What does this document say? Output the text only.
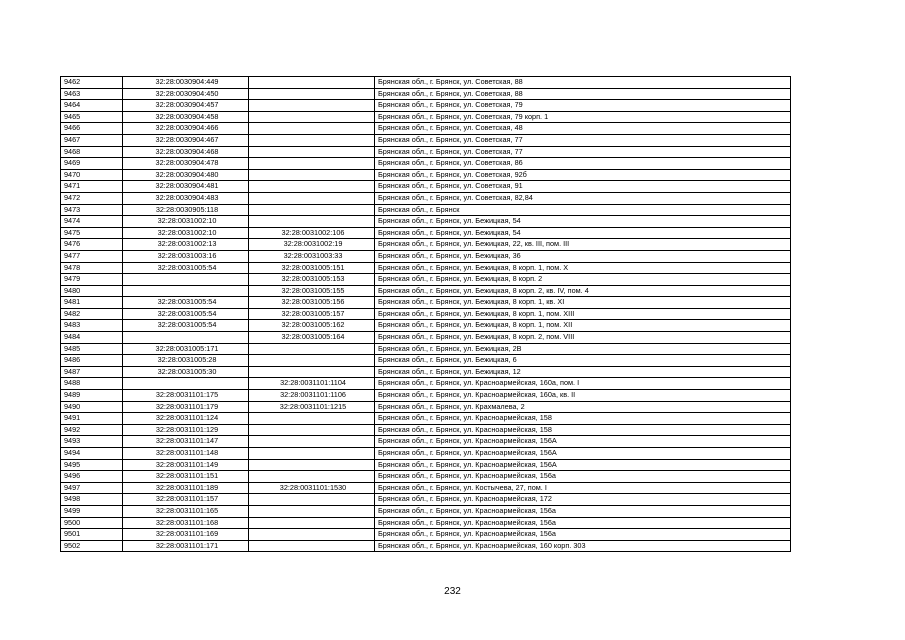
9462	32:28:0030904:449		Брянская обл., г. Брянск, ул. Советская, 88
9463	32:28:0030904:450		Брянская обл., г. Брянск, ул. Советская, 88
9464	32:28:0030904:457		Брянская обл., г. Брянск, ул. Советская, 79
9465	32:28:0030904:458		Брянская обл., г. Брянск, ул. Советская, 79 корп. 1
9466	32:28:0030904:466		Брянская обл., г. Брянск, ул. Советская, 48
9467	32:28:0030904:467		Брянская обл., г. Брянск, ул. Советская, 77
9468	32:28:0030904:468		Брянская обл., г. Брянск, ул. Советская, 77
9469	32:28:0030904:478		Брянская обл., г. Брянск, ул. Советская, 86
9470	32:28:0030904:480		Брянская обл., г. Брянск, ул. Советская, 92б
9471	32:28:0030904:481		Брянская обл., г. Брянск, ул. Советская, 91
9472	32:28:0030904:483		Брянская обл., г. Брянск, ул. Советская, 82,84
9473	32:28:0030905:118		Брянская обл., г. Брянск
9474	32:28:0031002:10		Брянская обл., г. Брянск, ул. Бежицкая, 54
9475	32:28:0031002:10	32:28:0031002:106	Брянская обл., г. Брянск, ул. Бежицкая, 54
9476	32:28:0031002:13	32:28:0031002:19	Брянская обл., г. Брянск, ул. Бежицкая, 22, кв. III, пом. III
9477	32:28:0031003:16	32:28:0031003:33	Брянская обл., г. Брянск, ул. Бежицкая, 36
9478	32:28:0031005:54	32:28:0031005:151	Брянская обл., г. Брянск, ул. Бежицкая, 8 корп. 1, пом. X
9479		32:28:0031005:153	Брянская обл., г. Брянск, ул. Бежицкая, 8 корп. 2
9480		32:28:0031005:155	Брянская обл., г. Брянск, ул. Бежицкая, 8 корп. 2, кв. IV, пом. 4
9481	32:28:0031005:54	32:28:0031005:156	Брянская обл., г. Брянск, ул. Бежицкая, 8 корп. 1, кв. XI
9482	32:28:0031005:54	32:28:0031005:157	Брянская обл., г. Брянск, ул. Бежицкая, 8 корп. 1, пом. XIII
9483	32:28:0031005:54	32:28:0031005:162	Брянская обл., г. Брянск, ул. Бежицкая, 8 корп. 1, пом. XII
9484		32:28:0031005:164	Брянская обл., г. Брянск, ул. Бежицкая, 8 корп. 2, пом. VIII
9485	32:28:0031005:171		Брянская обл., г. Брянск, ул. Бежицкая, 2В
9486	32:28:0031005:28		Брянская обл., г. Брянск, ул. Бежицкая, 6
9487	32:28:0031005:30		Брянская обл., г. Брянск, ул. Бежицкая, 12
9488		32:28:0031101:1104	Брянская обл., г. Брянск, ул. Красноармейская, 160а, пом. I
9489	32:28:0031101:175	32:28:0031101:1106	Брянская обл., г. Брянск, ул. Красноармейская, 160а, кв. II
9490	32:28:0031101:179	32:28:0031101:1215	Брянская обл., г. Брянск, ул. Крахмалева, 2
9491	32:28:0031101:124		Брянская обл., г. Брянск, ул. Красноармейская, 158
9492	32:28:0031101:129		Брянская обл., г. Брянск, ул. Красноармейская, 158
9493	32:28:0031101:147		Брянская обл., г. Брянск, ул. Красноармейская, 156А
9494	32:28:0031101:148		Брянская обл., г. Брянск, ул. Красноармейская, 156А
9495	32:28:0031101:149		Брянская обл., г. Брянск, ул. Красноармейская, 156А
9496	32:28:0031101:151		Брянская обл., г. Брянск, ул. Красноармейская, 156а
9497	32:28:0031101:189	32:28:0031101:1530	Брянская обл., г. Брянск, ул. Костычева, 27, пом. I
9498	32:28:0031101:157		Брянская обл., г. Брянск, ул. Красноармейская, 172
9499	32:28:0031101:165		Брянская обл., г. Брянск, ул. Красноармейская, 156а
9500	32:28:0031101:168		Брянская обл., г. Брянск, ул. Красноармейская, 156а
9501	32:28:0031101:169		Брянская обл., г. Брянск, ул. Красноармейская, 156а
9502	32:28:0031101:171		Брянская обл., г. Брянск, ул. Красноармейская, 160 корп. 303
232
